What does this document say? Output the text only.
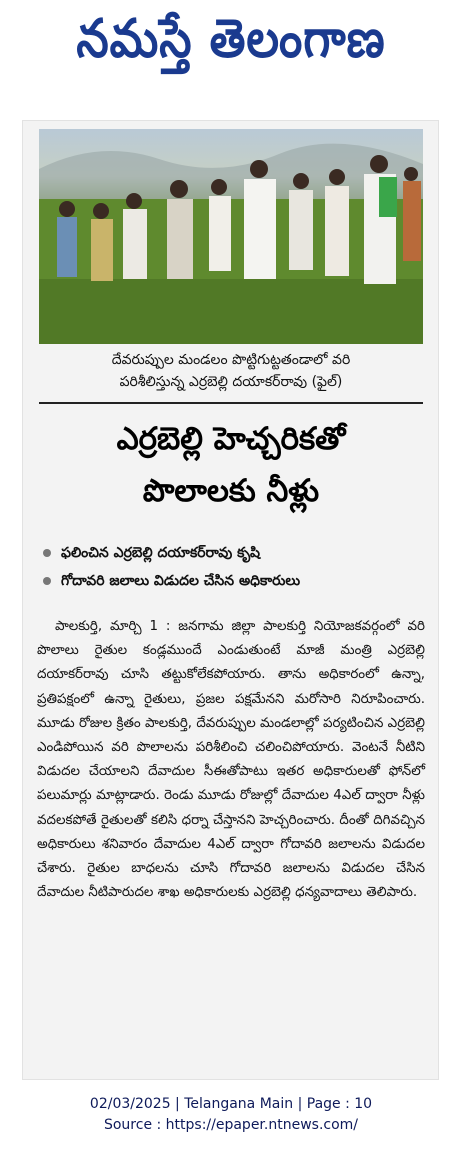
నమస్తే తెలంగాణ
దేవరుప్పుల మండలం పొట్టిగుట్టతండాలో వరి
పరిశీలిస్తున్న ఎర్రబెల్లి దయాకర్‌రావు (ఫైల్)
ఎర్రబెల్లి హెచ్చరికతో
పొలాలకు నీళ్లు
ఫలించిన ఎర్రబెల్లి దయాకర్‌రావు కృషి
గోదావరి జలాలు విడుదల చేసిన అధికారులు
పాలకుర్తి, మార్చి 1 : జనగామ జిల్లా పాలకుర్తి నియోజకవర్గంలో వరి పొలాలు రైతుల కండ్లముందే ఎండుతుంటే మాజీ మంత్రి ఎర్రబెల్లి దయాకర్‌రావు చూసి తట్టుకోలేకపోయారు. తాను అధికారంలో ఉన్నా, ప్రతిపక్షంలో ఉన్నా రైతులు, ప్రజల పక్షమేనని మరోసారి నిరూపించారు. మూడు రోజుల క్రితం పాలకుర్తి, దేవరుప్పుల మండలాల్లో పర్యటించిన ఎర్రబెల్లి ఎండిపోయిన వరి పొలాలను పరిశీలించి చలించిపోయారు. వెంటనే నీటిని విడుదల చేయాలని దేవాదుల సీఈతోపాటు ఇతర అధికారులతో ఫోన్‌లో పలుమార్లు మాట్లాడారు. రెండు మూడు రోజుల్లో దేవాదుల 4ఎల్ ద్వారా నీళ్లు వదలకపోతే రైతులతో కలిసి ధర్నా చేస్తానని హెచ్చరించారు. దీంతో దిగివచ్చిన అధికారులు శనివారం దేవాదుల 4ఎల్ ద్వారా గోదావరి జలాలను విడుదల చేశారు. రైతుల బాధలను చూసి గోదావరి జలాలను విడుదల చేసిన దేవాదుల నీటిపారుదల శాఖ అధికారులకు ఎర్రబెల్లి ధన్యవాదాలు తెలిపారు.
02/03/2025 | Telangana Main | Page : 10
Source : https://epaper.ntnews.com/
